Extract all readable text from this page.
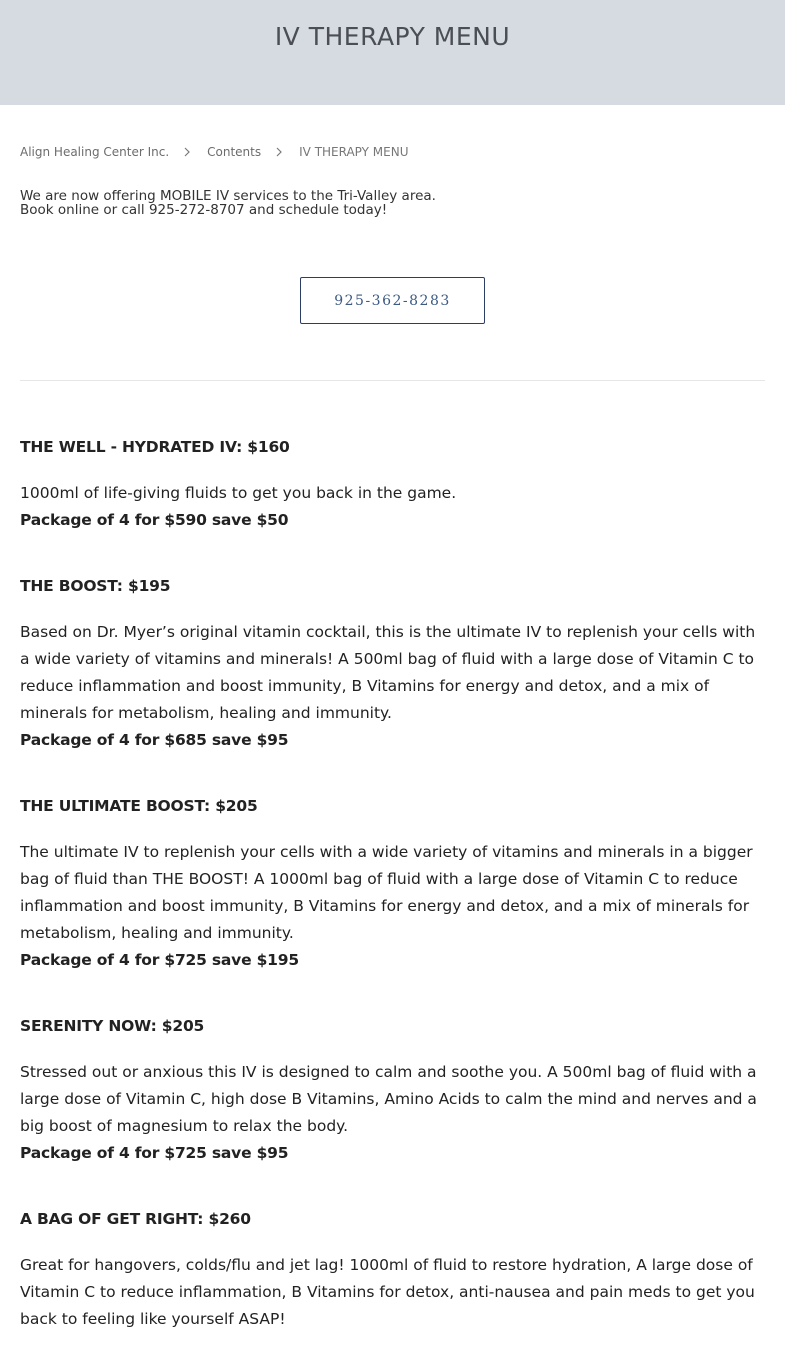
IV THERAPY MENU
Align Healing Center Inc.	Contents	IV THERAPY MENU
We are now offering MOBILE IV services to the Tri-Valley area.
Book online or call 925-272-8707 and schedule today!
925-362-8283

THE WELL - HYDRATED IV: $160

1000ml of life-giving fluids to get you back in the game.

Package of 4 for $590 save $50

THE BOOST: $195

Based on Dr. Myer’s original vitamin cocktail, this is the ultimate IV to replenish your cells with a wide variety of vitamins and minerals! A 500ml bag of fluid with a large dose of Vitamin C to reduce inflammation and boost immunity, B Vitamins for energy and detox, and a mix of minerals for metabolism, healing and immunity.

Package of 4 for $685 save $95

THE ULTIMATE BOOST: $205

The ultimate IV to replenish your cells with a wide variety of vitamins and minerals in a bigger bag of fluid than THE BOOST! A 1000ml bag of fluid with a large dose of Vitamin C to reduce inflammation and boost immunity, B Vitamins for energy and detox, and a mix of minerals for metabolism, healing and immunity.

Package of 4 for $725 save $195

SERENITY NOW: $205

Stressed out or anxious this IV is designed to calm and soothe you. A 500ml bag of fluid with a large dose of Vitamin C, high dose B Vitamins, Amino Acids to calm the mind and nerves and a big boost of magnesium to relax the body.

Package of 4 for $725 save $95

A BAG OF GET RIGHT: $260

Great for hangovers, colds/flu and jet lag! 1000ml of fluid to restore hydration, A large dose of Vitamin C to reduce inflammation, B Vitamins for detox, anti-nausea and pain meds to get you back to feeling like yourself ASAP!
